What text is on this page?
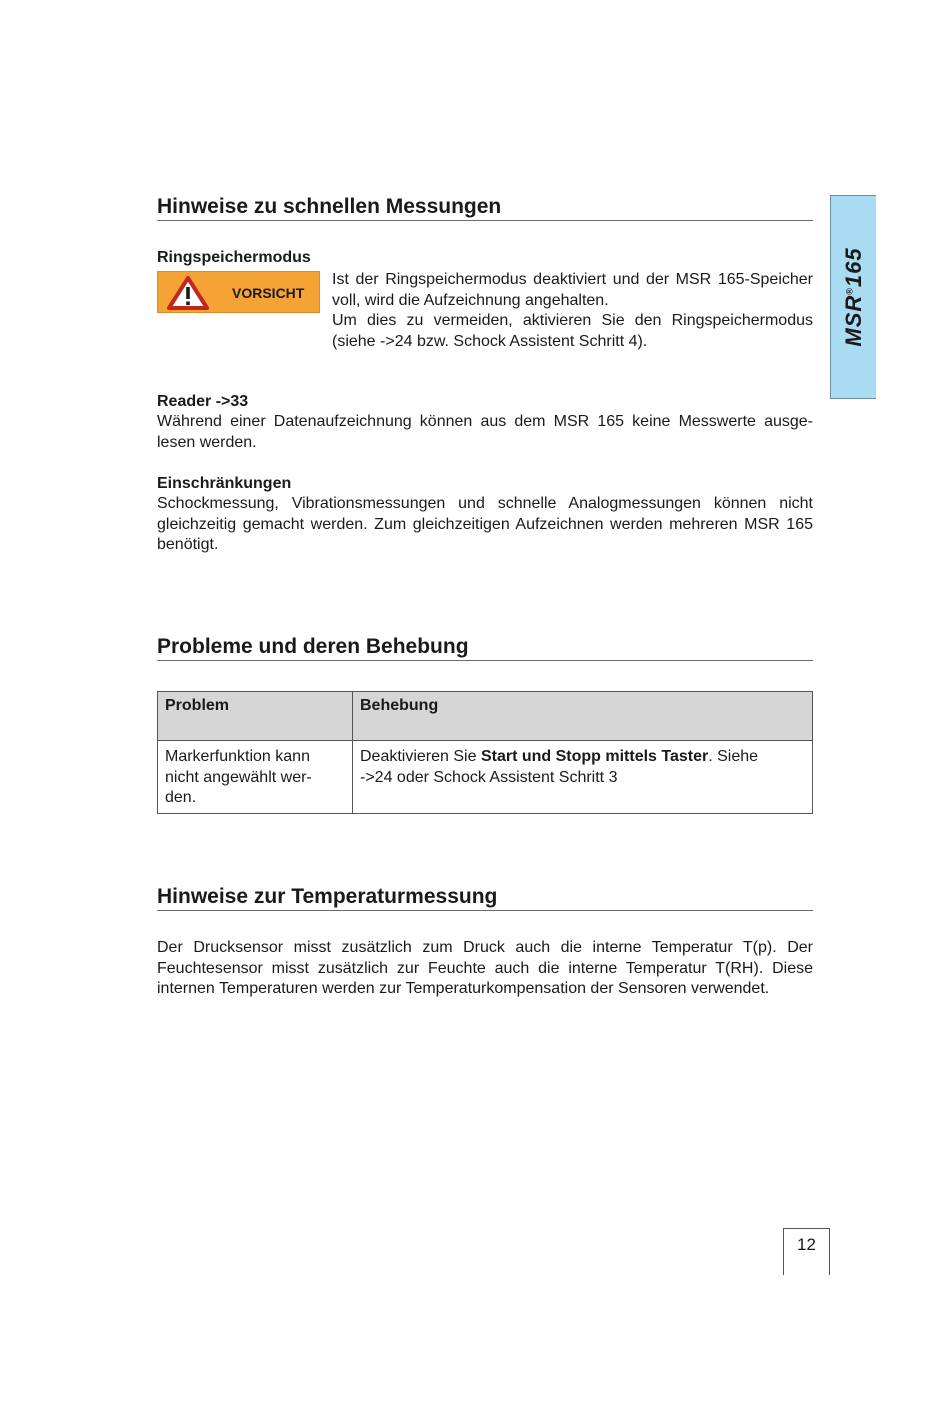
MSR®165
Hinweise zu schnellen Messungen
Ringspeichermodus
VORSICHT
Ist der Ringspeichermodus deaktiviert und der MSR 165-Speicher voll, wird die Aufzeichnung angehalten.
Um dies zu vermeiden, aktivieren Sie den Ringspeichermodus (siehe ->24 bzw. Schock Assistent Schritt 4).
Reader ->33
Während einer Datenaufzeichnung können aus dem MSR 165 keine Messwerte ausge-lesen werden.
Einschränkungen
Schockmessung, Vibrationsmessungen und schnelle Analogmessungen können nicht gleichzeitig gemacht werden. Zum gleichzeitigen Aufzeichnen werden mehreren MSR 165 benötigt.
Probleme und deren Behebung
Problem	Behebung
Markerfunktion kann
nicht angewählt wer-
den.	Deaktivieren Sie Start und Stopp mittels Taster. Siehe
->24 oder Schock Assistent Schritt 3
Hinweise zur Temperaturmessung
Der Drucksensor misst zusätzlich zum Druck auch die interne Temperatur T(p). Der Feuchtesensor misst zusätzlich zur Feuchte auch die interne Temperatur T(RH). Diese internen Temperaturen werden zur Temperaturkompensation der Sensoren verwendet.
12
